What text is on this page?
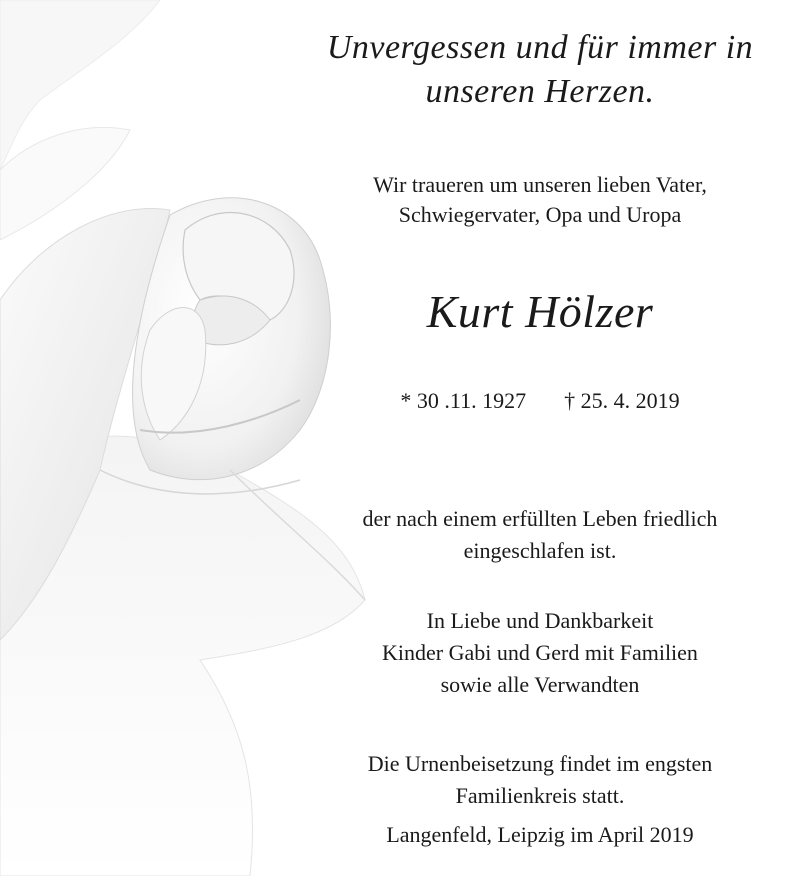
Unvergessen und für immer in
unseren Herzen.
Wir traueren um unseren lieben Vater,
Schwiegervater, Opa und Uropa
Kurt Hölzer
* 30 .11. 1927 † 25. 4. 2019
der nach einem erfüllten Leben friedlich
eingeschlafen ist.
In Liebe und Dankbarkeit
Kinder Gabi und Gerd mit Familien
sowie alle Verwandten
Die Urnenbeisetzung findet im engsten
Familienkreis statt.
Langenfeld, Leipzig im April 2019
